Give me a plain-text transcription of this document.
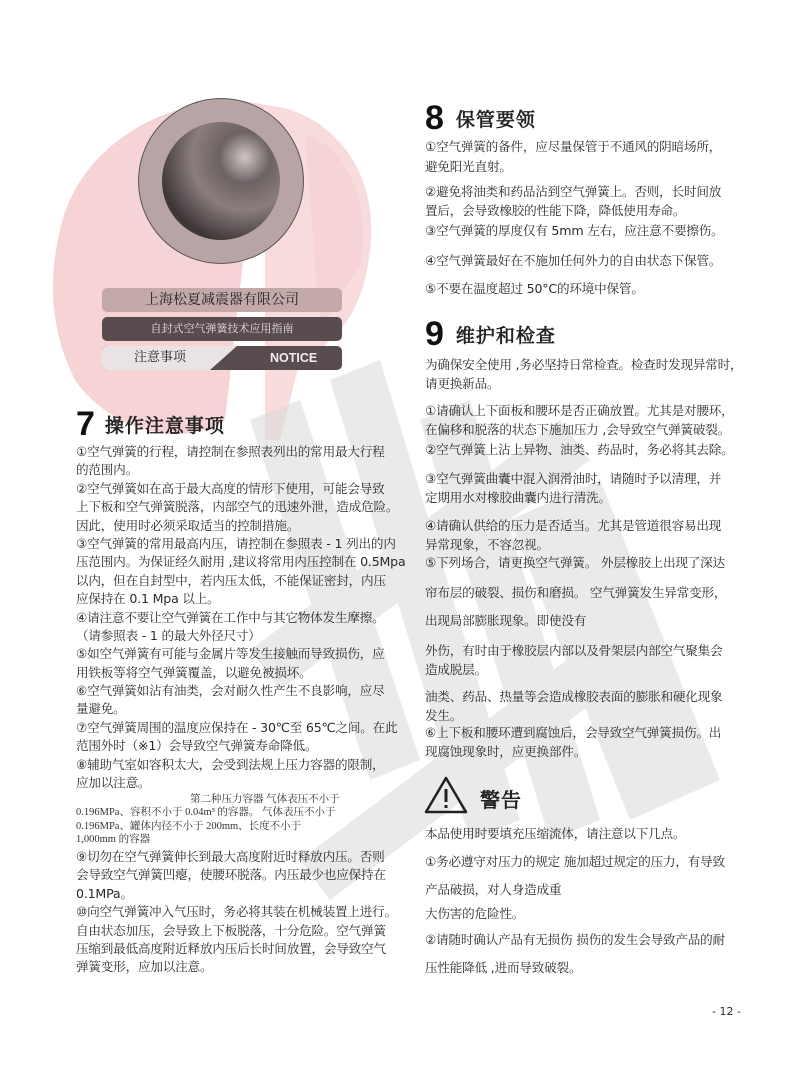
上海松夏减震器有限公司
自封式空气弹簧技术应用指南
注意事项	NOTICE
7 操作注意事项
①空气弹簧的行程，请控制在参照表列出的常用最大行程
的范围内。
②空气弹簧如在高于最大高度的情形下使用，可能会导致
上下板和空气弹簧脱落，内部空气的迅速外泄，造成危险。
因此，使用时必须采取适当的控制措施。
③空气弹簧的常用最高内压，请控制在参照表 - 1 列出的内
压范围内。为保证经久耐用 ,建议将常用内压控制在 0.5Mpa
以内，但在自封型中，若内压太低，不能保证密封，内压
应保持在 0.1 Mpa 以上。
④请注意不要让空气弹簧在工作中与其它物体发生摩擦。
（请参照表 - 1 的最大外径尺寸）
⑤如空气弹簧有可能与金属片等发生接触而导致损伤，应
用铁板等将空气弹簧覆盖，以避免被损坏。
⑥空气弹簧如沾有油类，会对耐久性产生不良影响，应尽
量避免。
⑦空气弹簧周围的温度应保持在 - 30℃至 65℃之间。在此
范围外时（※1）会导致空气弹簧寿命降低。
⑧辅助气室如容积太大，会受到法规上压力容器的限制，
应加以注意。
第二种压力容器 气体表压不小于
0.196MPa、容积不小于 0.04m³ 的容器。 气体表压不小于
0.196MPa、罐体内径不小于 200mm、长度不小于
1,000mm 的容器
⑨切勿在空气弹簧伸长到最大高度附近时释放内压。否则
会导致空气弹簧凹瘪，使腰环脱落。内压最少也应保持在
0.1MPa。
⑩向空气弹簧冲入气压时，务必将其装在机械装置上进行。
自由状态加压，会导致上下板脱落，十分危险。空气弹簧
压缩到最低高度附近释放内压后长时间放置，会导致空气
弹簧变形，应加以注意。
8 保管要领
①空气弹簧的备件，应尽量保管于不通风的阴暗场所，
避免阳光直射。
②避免将油类和药品沾到空气弹簧上。否则，长时间放
置后，会导致橡胶的性能下降，降低使用寿命。
③空气弹簧的厚度仅有 5mm 左右，应注意不要擦伤。
④空气弹簧最好在不施加任何外力的自由状态下保管。
⑤不要在温度超过 50°C的环境中保管。
9 维护和检查
为确保安全使用 ,务必坚持日常检查。检查时发现异常时，
请更换新品。
①请确认上下面板和腰环是否正确放置。尤其是对腰环，
在偏移和脱落的状态下施加压力 ,会导致空气弹簧破裂。
②空气弹簧上沾上异物、油类、药品时，务必将其去除。
③空气弹簧曲囊中混入润滑油时，请随时予以清理，并
定期用水对橡胶曲囊内进行清洗。
④请确认供给的压力是否适当。尤其是管道很容易出现
异常现象，不容忽视。
⑤下列场合，请更换空气弹簧。 外层橡胶上出现了深达
帘布层的破裂、损伤和磨损。 空气弹簧发生异常变形，
出现局部膨胀现象。即使没有
外伤，有时由于橡胶层内部以及骨架层内部空气聚集会
造成脱层。
油类、药品、热量等会造成橡胶表面的膨胀和硬化现象
发生。
⑥上下板和腰环遭到腐蚀后，会导致空气弹簧损伤。出
现腐蚀现象时，应更换部件。
警告
本品使用时要填充压缩流体，请注意以下几点。
①务必遵守对压力的规定 施加超过规定的压力，有导致
产品破损，对人身造成重
大伤害的危险性。
②请随时确认产品有无损伤 损伤的发生会导致产品的耐
压性能降低 ,进而导致破裂。
- 12 -
